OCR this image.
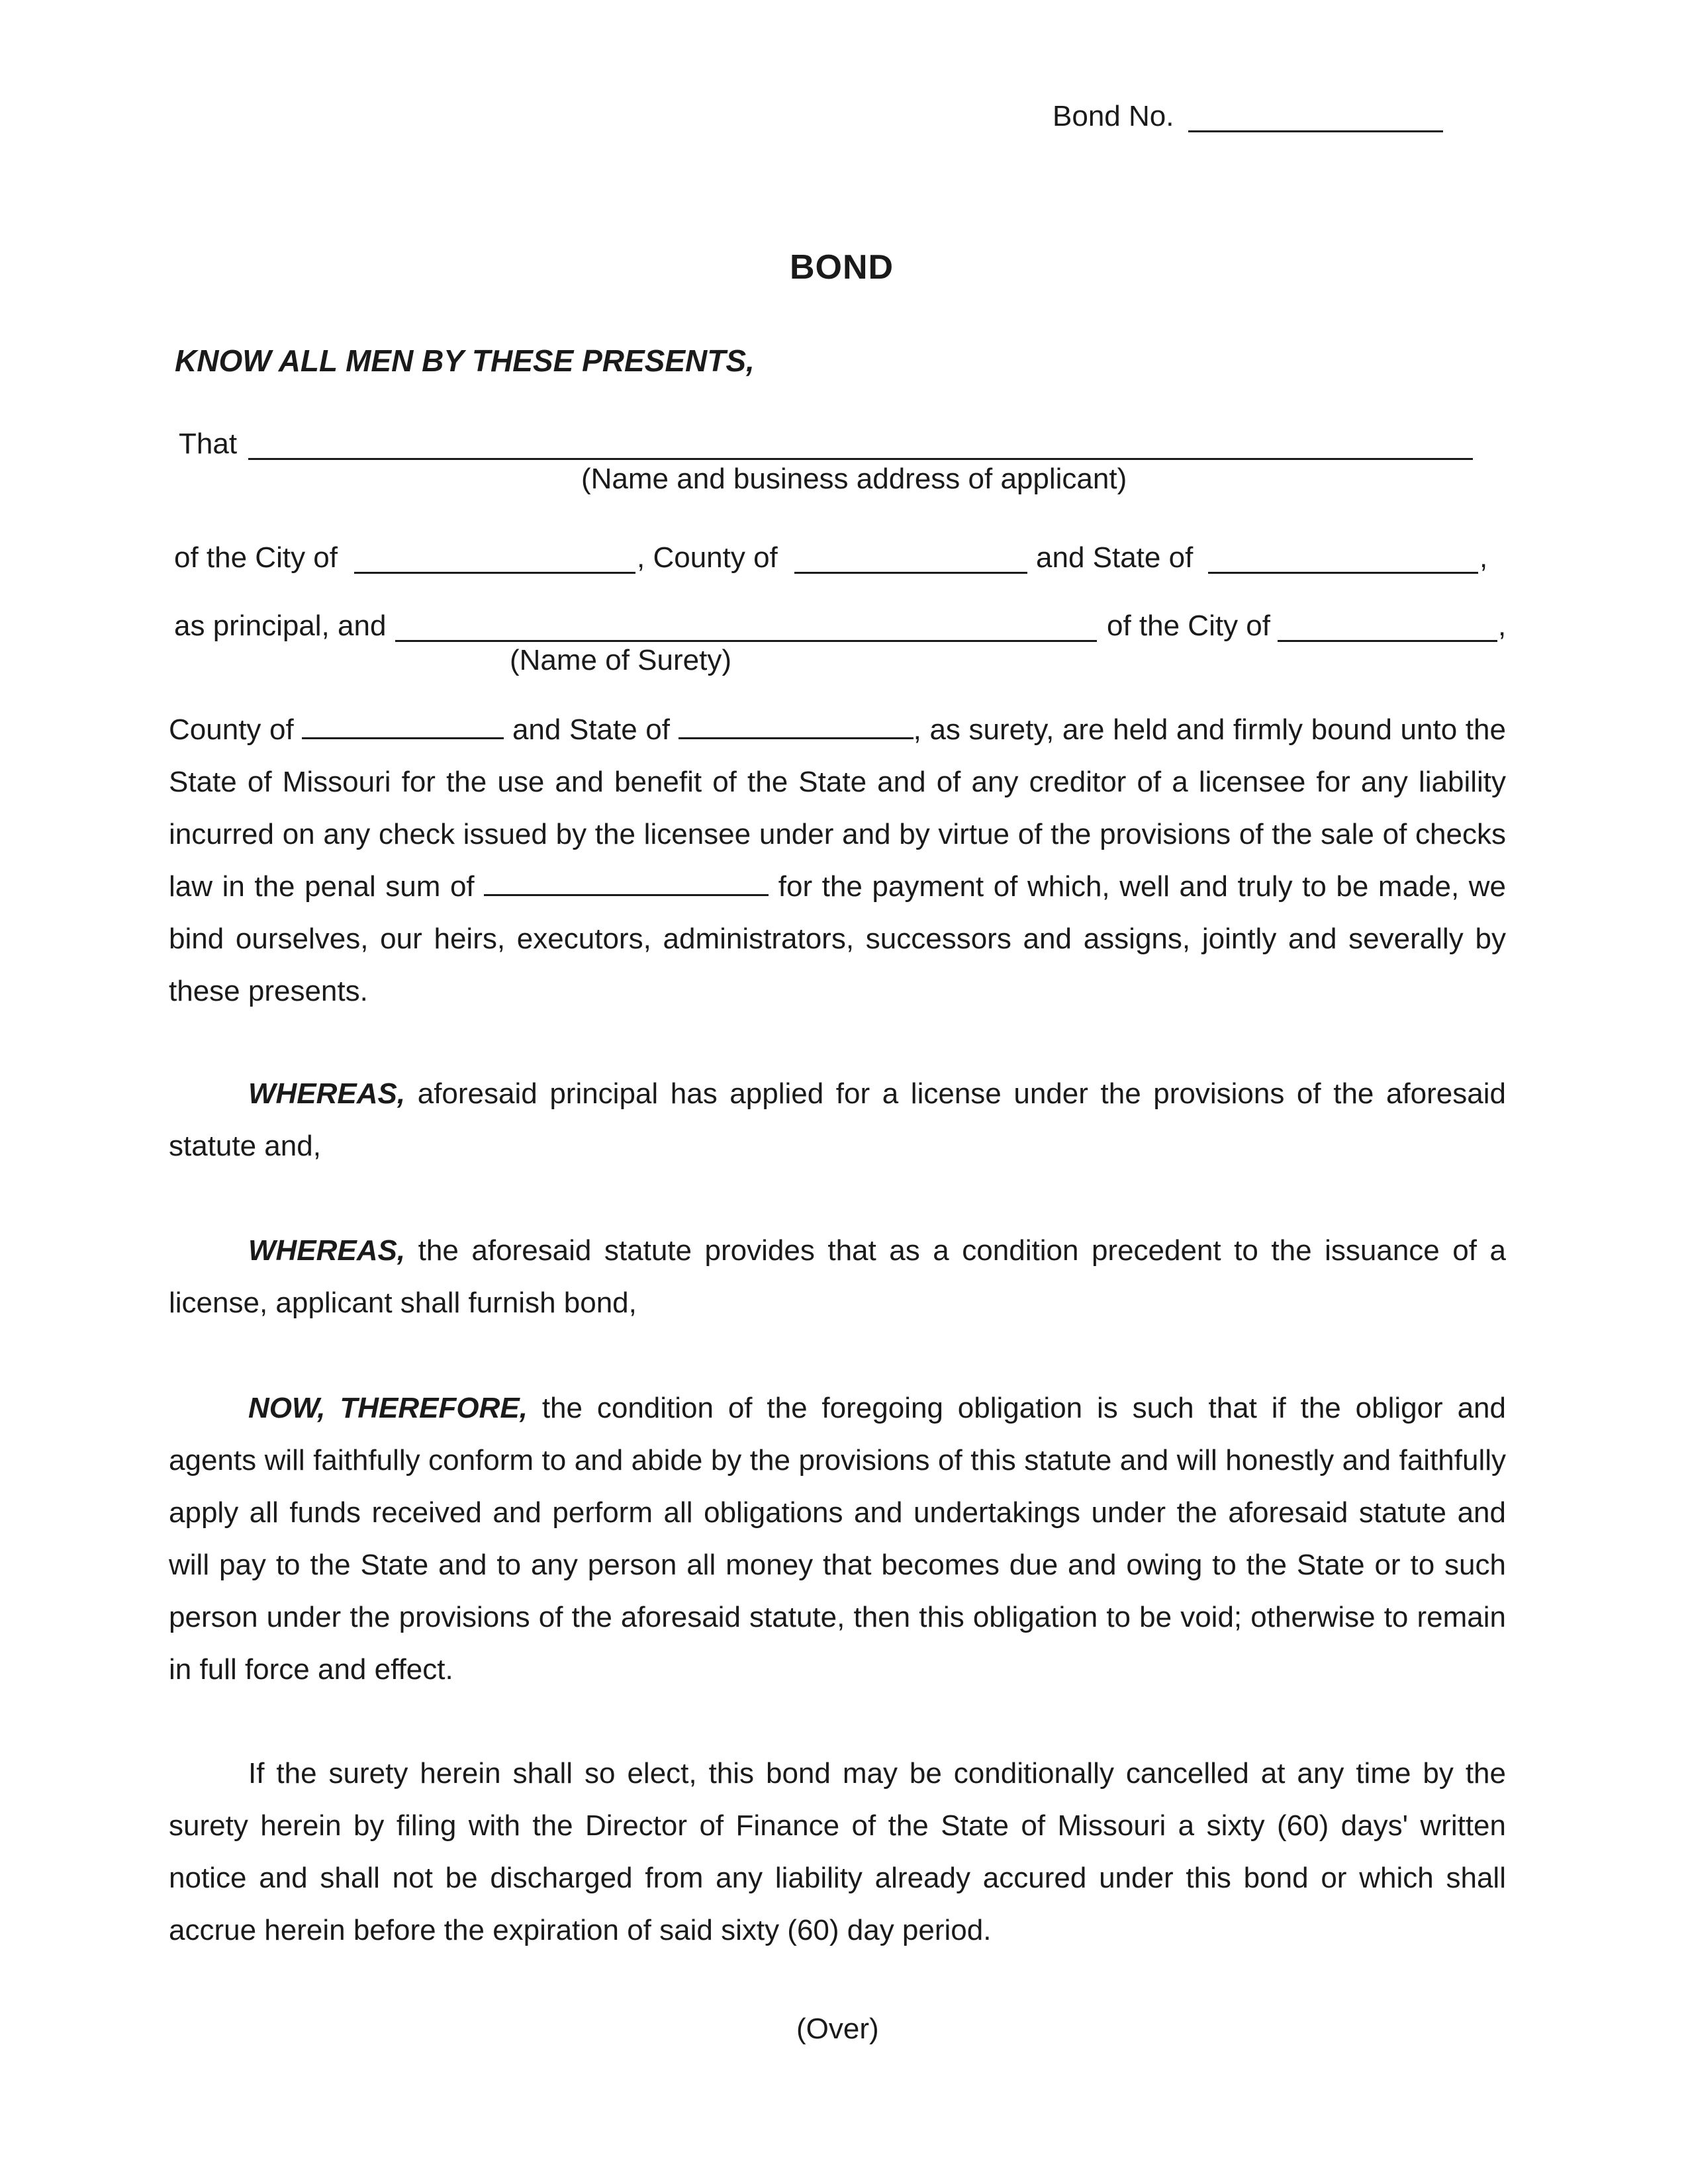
Bond No.
BOND
KNOW ALL MEN BY THESE PRESENTS,
That
(Name and business address of applicant)
of the City of	, County of	and State of	,
as principal, and	of the City of	,
(Name of Surety)
County of	and State of	, as surety, are held and firmly bound unto the State of Missouri for the use and benefit of the State and of any creditor of a licensee for any liability incurred on any check issued by the licensee under and by virtue of the provisions of the sale of checks law in the penal sum of	for the payment of which, well and truly to be made, we bind ourselves, our heirs, executors, administrators, successors and assigns, jointly and severally by these presents.
WHEREAS, aforesaid principal has applied for a license under the provisions of the aforesaid statute and,
WHEREAS, the aforesaid statute provides that as a condition precedent to the issuance of a license, applicant shall furnish bond,
NOW, THEREFORE, the condition of the foregoing obligation is such that if the obligor and agents will faithfully conform to and abide by the provisions of this statute and will honestly and faithfully apply all funds received and perform all obligations and undertakings under the aforesaid statute and will pay to the State and to any person all money that becomes due and owing to the State or to such person under the provisions of the aforesaid statute, then this obligation to be void; otherwise to remain in full force and effect.
If the surety herein shall so elect, this bond may be conditionally cancelled at any time by the surety herein by filing with the Director of Finance of the State of Missouri a sixty (60) days' written notice and shall not be discharged from any liability already accured under this bond or which shall accrue herein before the expiration of said sixty (60) day period.
(Over)
